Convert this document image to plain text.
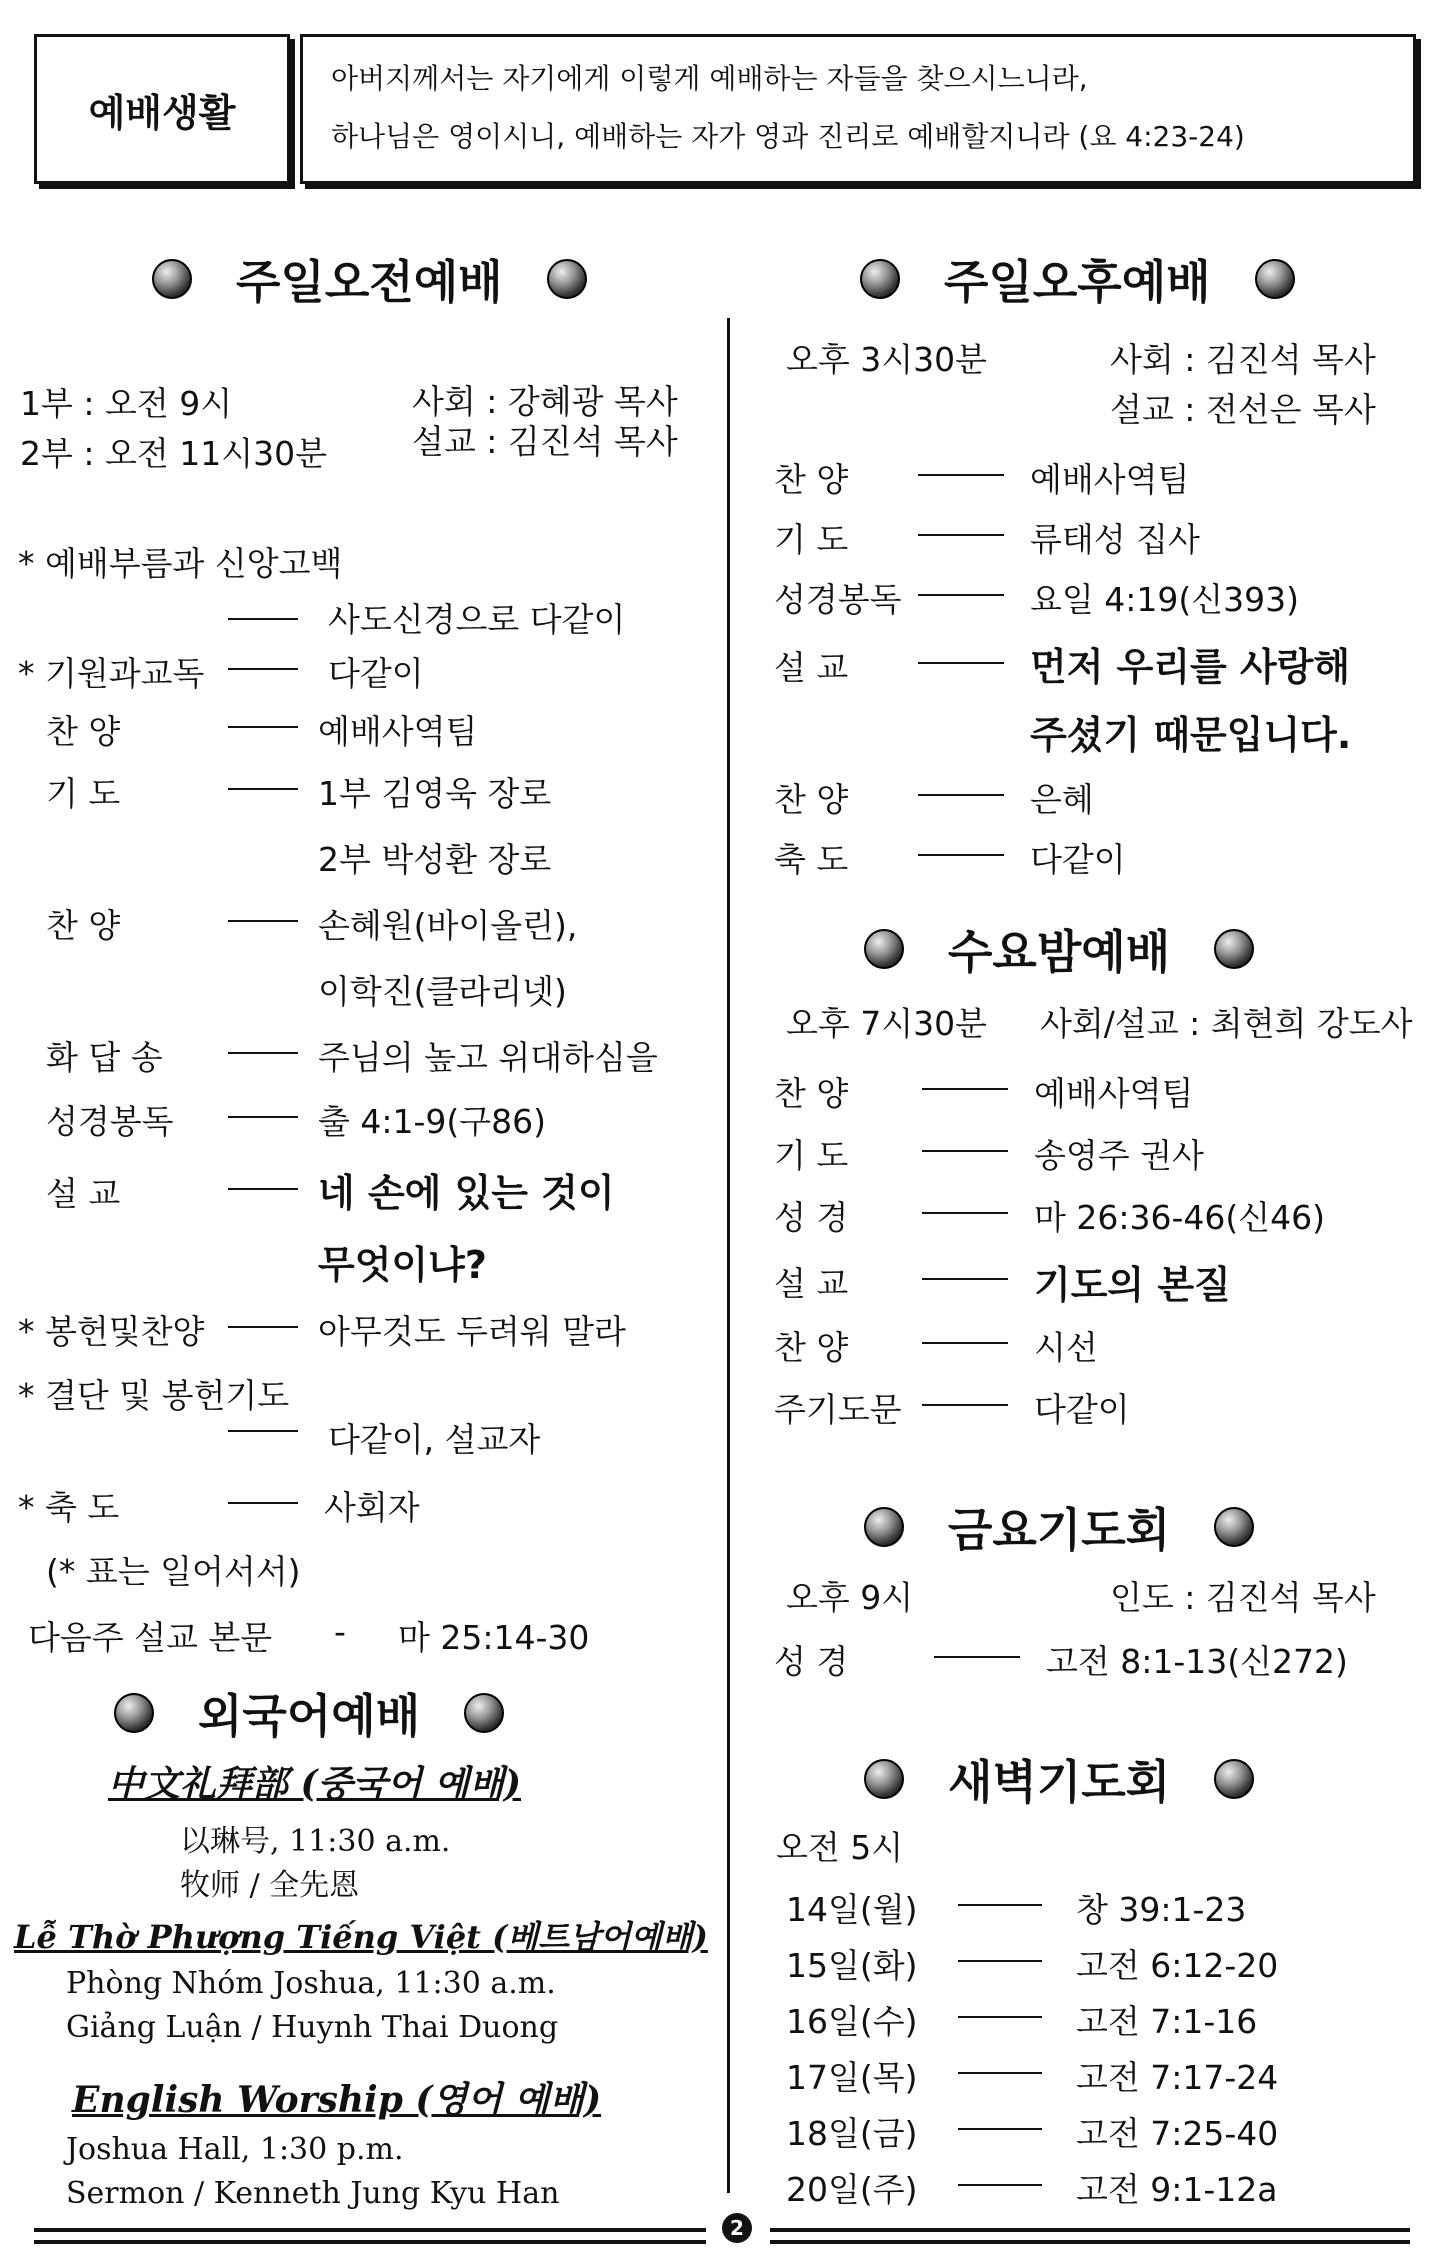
예배생활
아버지께서는 자기에게 이렇게 예배하는 자들을 찾으시느니라,
하나님은 영이시니, 예배하는 자가 영과 진리로 예배할지니라 (요 4:23-24)
주일오전예배
1부 : 오전 9시
2부 : 오전 11시30분
사회 : 강혜광 목사
설교 : 김진석 목사
* 예배부름과 신앙고백
사도신경으로 다같이
* 기원과교독	다같이
찬 양	예배사역팀
기 도	1부 김영욱 장로
2부 박성환 장로
찬 양	손혜원(바이올린),
이학진(클라리넷)
화 답 송	주님의 높고 위대하심을
성경봉독	출 4:1-9(구86)
설 교	네 손에 있는 것이
무엇이냐?
* 봉헌및찬양	아무것도 두려워 말라
* 결단 및 봉헌기도
다같이, 설교자
* 축 도	사회자
(* 표는 일어서서)
다음주 설교 본문 - 마 25:14-30
외국어예배
中文礼拜部 (중국어 예배)
以琳号, 11:30 a.m.
牧师 / 全先恩
Lễ Thờ Phượng Tiếng Việt (베트남어예배)
Phòng Nhóm Joshua, 11:30 a.m.
Giảng Luận / Huynh Thai Duong
English Worship (영어 예배)
Joshua Hall, 1:30 p.m.
Sermon / Kenneth Jung Kyu Han
주일오후예배
오후 3시30분	사회 : 김진석 목사
설교 : 전선은 목사
찬 양	예배사역팀
기 도	류태성 집사
성경봉독	요일 4:19(신393)
설 교	먼저 우리를 사랑해
주셨기 때문입니다.
찬 양	은혜
축 도	다같이
수요밤예배
오후 7시30분 사회/설교 : 최현희 강도사
찬 양	예배사역팀
기 도	송영주 권사
성 경	마 26:36-46(신46)
설 교	기도의 본질
찬 양	시선
주기도문	다같이
금요기도회
오후 9시	인도 : 김진석 목사
성 경	고전 8:1-13(신272)
새벽기도회
오전 5시
14일(월)	창 39:1-23
15일(화)	고전 6:12-20
16일(수)	고전 7:1-16
17일(목)	고전 7:17-24
18일(금)	고전 7:25-40
20일(주)	고전 9:1-12a
2
